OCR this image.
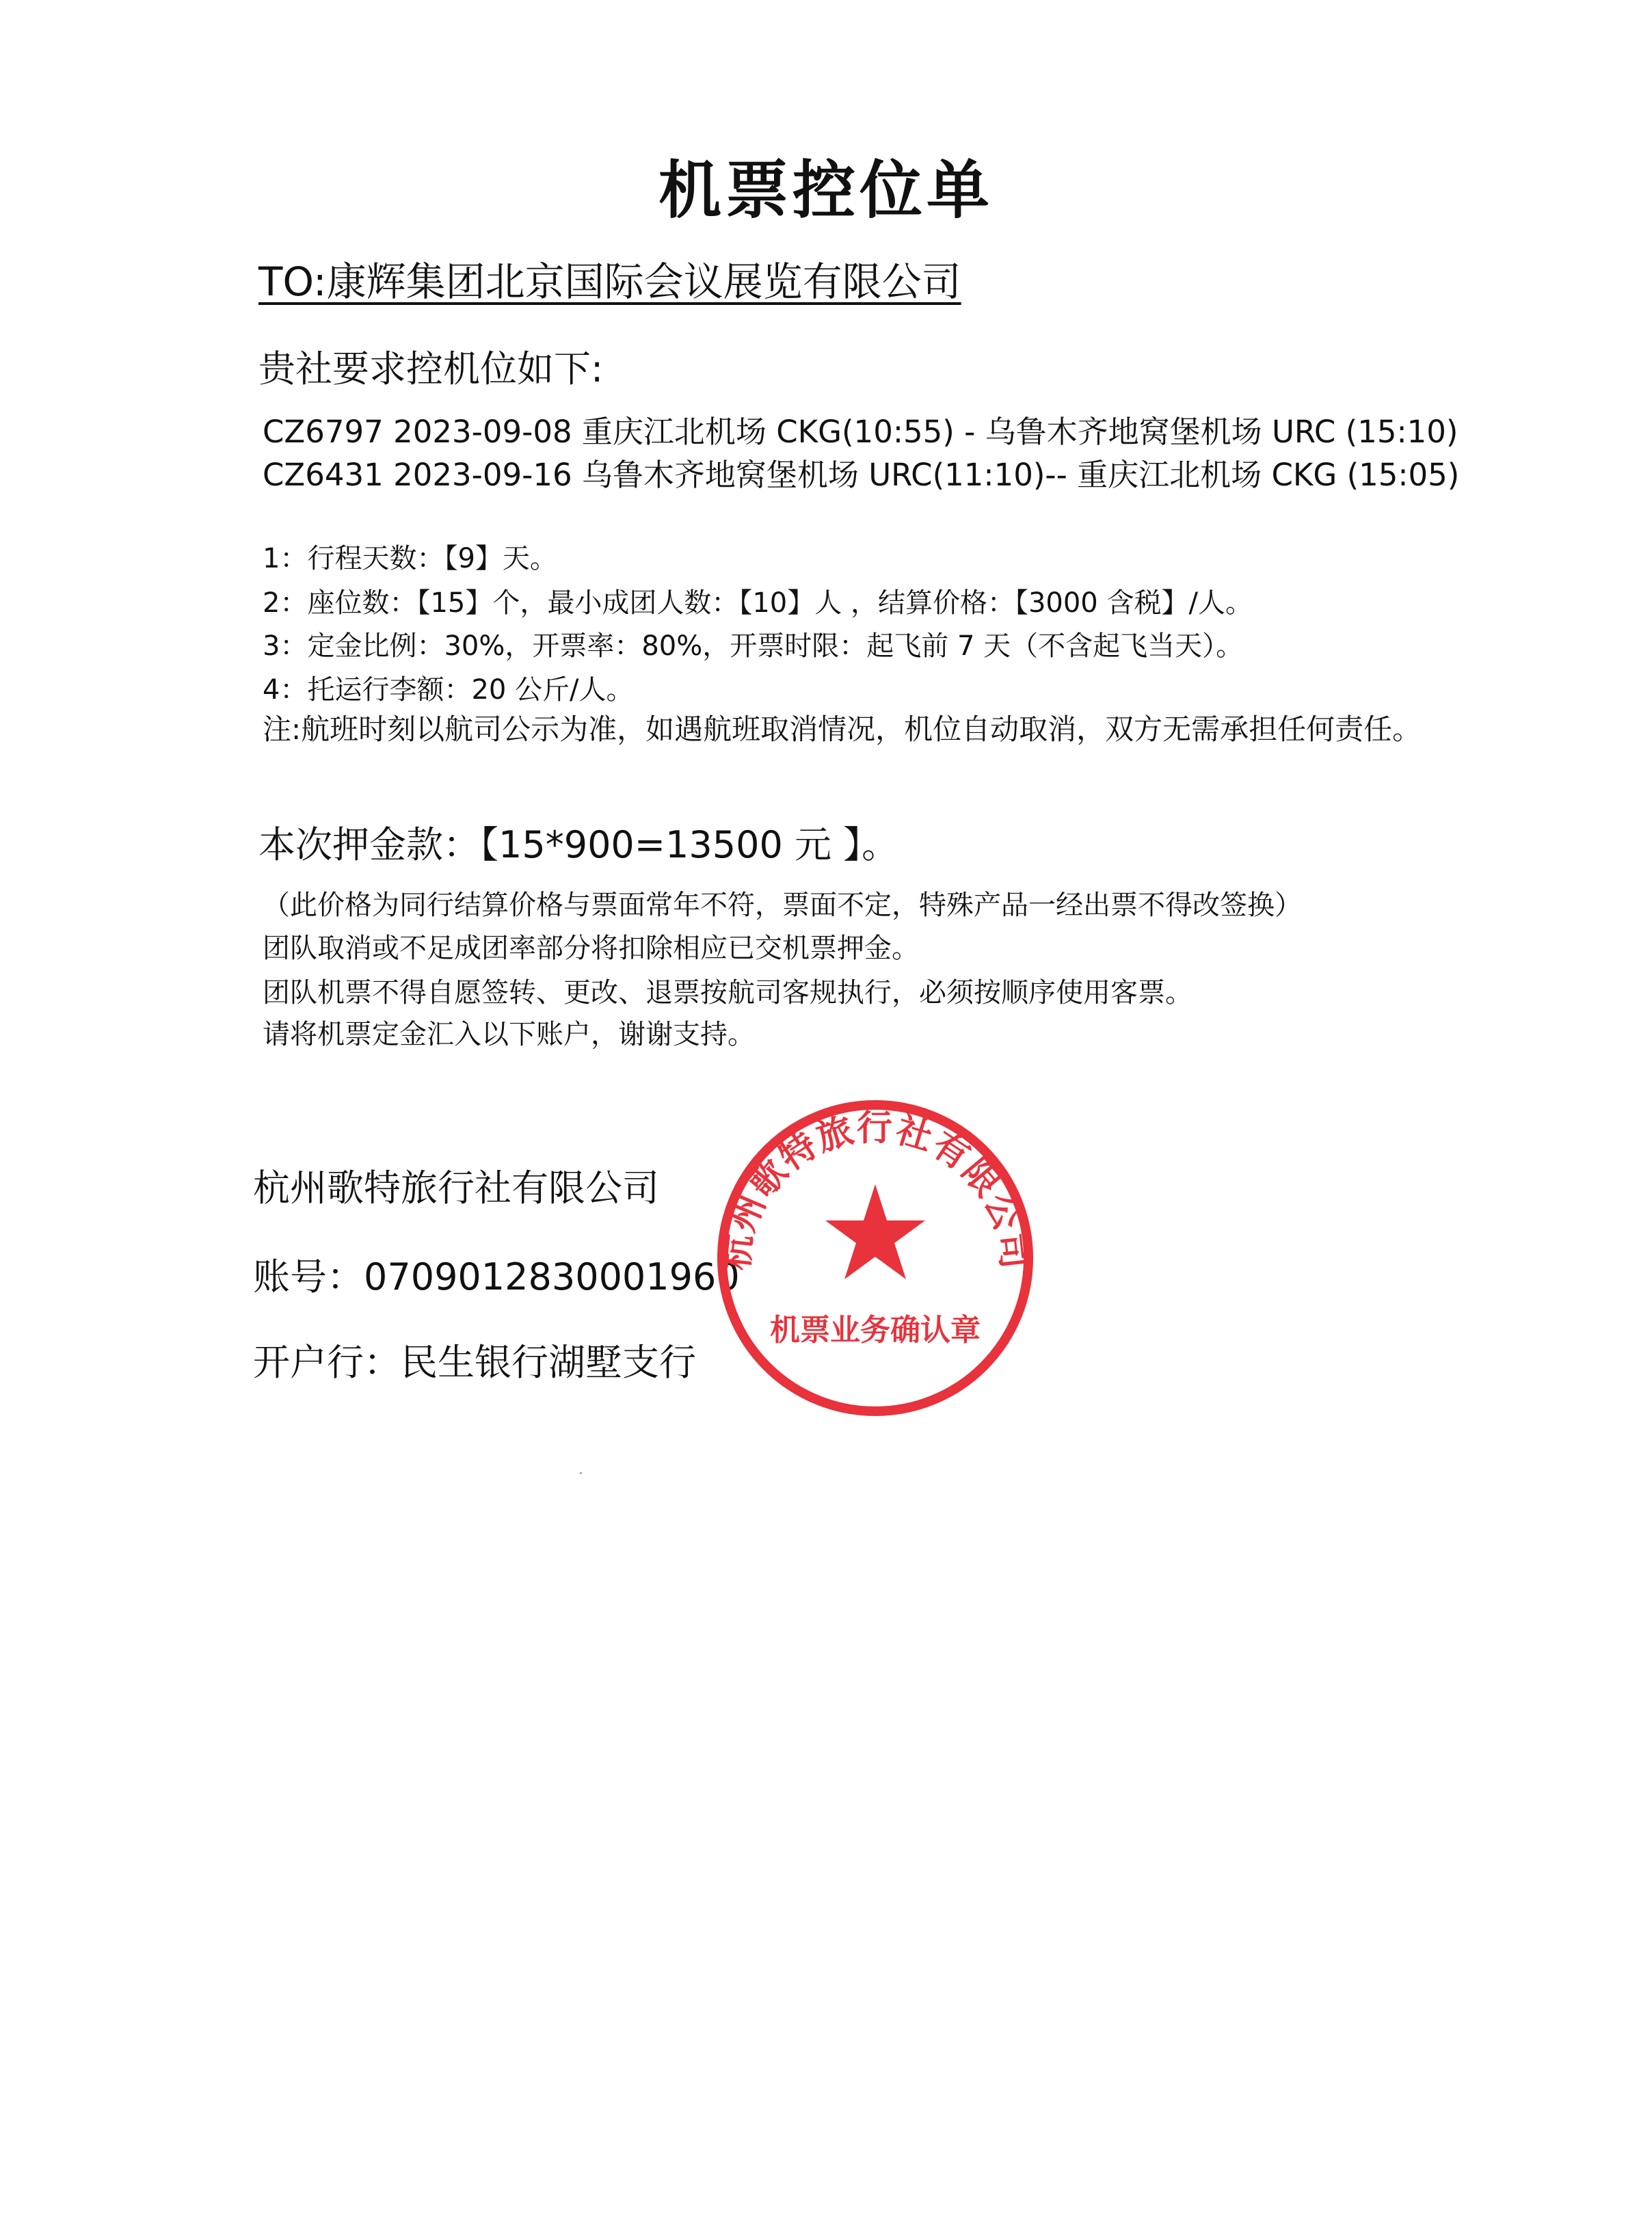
机票控位单
TO:康辉集团北京国际会议展览有限公司
贵社要求控机位如下:
CZ6797 2023-09-08 重庆江北机场 CKG(10:55) - 乌鲁木齐地窝堡机场 URC (15:10)
CZ6431 2023-09-16 乌鲁木齐地窝堡机场 URC(11:10)-- 重庆江北机场 CKG (15:05)
1：行程天数：【9】天。
2：座位数：【15】个，最小成团人数：【10】人 ，结算价格：【3000 含税】/人。
3：定金比例：30%，开票率：80%，开票时限：起飞前 7 天（不含起飞当天）。
4：托运行李额：20 公斤/人。
注:航班时刻以航司公示为准，如遇航班取消情况，机位自动取消，双方无需承担任何责任。
本次押金款：【15*900=13500 元 】。
（此价格为同行结算价格与票面常年不符，票面不定，特殊产品一经出票不得改签换）
团队取消或不足成团率部分将扣除相应已交机票押金。
团队机票不得自愿签转、更改、退票按航司客规执行，必须按顺序使用客票。
请将机票定金汇入以下账户，谢谢支持。
杭州歌特旅行社有限公司
账号：0709012830001960
开户行：民生银行湖墅支行
杭州歌特旅行社有限公司
机票业务确认章
